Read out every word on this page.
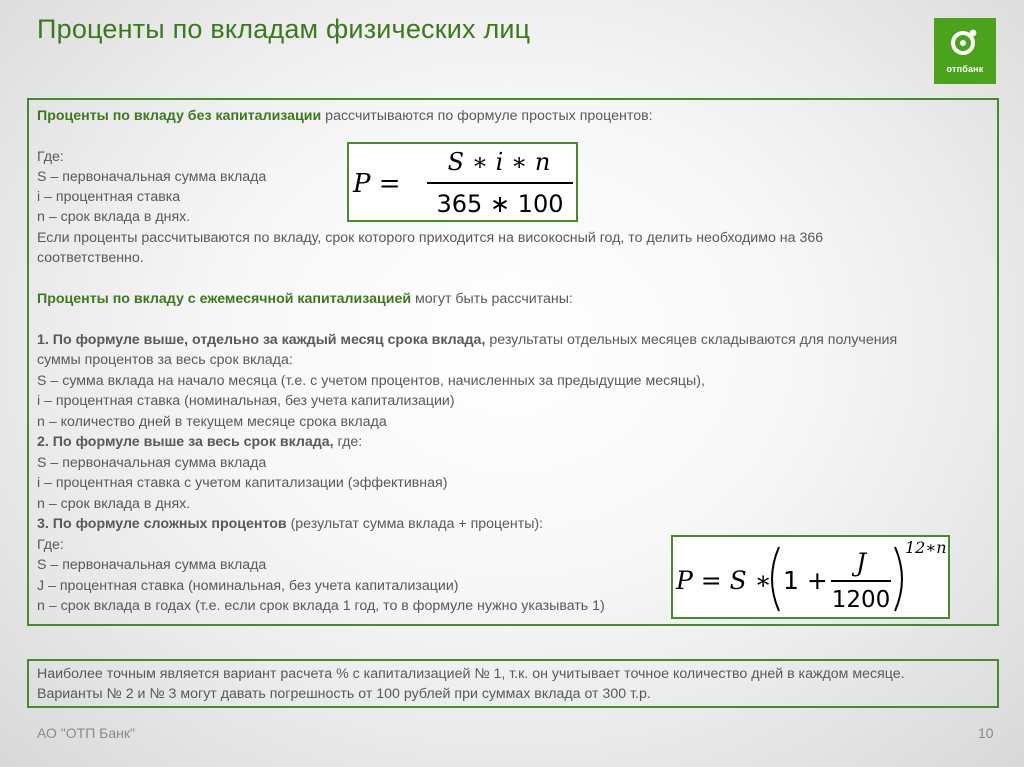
Проценты по вкладам физических лиц
отпбанк
Проценты по вкладу без капитализации рассчитываются по формуле простых процентов:
Где:
S – первоначальная сумма вклада
i – процентная ставка
n – срок вклада в днях.
Если проценты рассчитываются по вкладу, срок которого приходится на високосный год, то делить необходимо на 366
соответственно.
P =
S ∗ i ∗ n
365 ∗ 100
Проценты по вкладу с ежемесячной капитализацией могут быть рассчитаны:
1. По формуле выше, отдельно за каждый месяц срока вклада, результаты отдельных месяцев складываются для получения
суммы процентов за весь срок вклада:
S – сумма вклада на начало месяца (т.е. с учетом процентов, начисленных за предыдущие месяцы),
i – процентная ставка (номинальная, без учета капитализации)
n – количество дней в текущем месяце срока вклада
2. По формуле выше за весь срок вклада, где:
S – первоначальная сумма вклада
i – процентная ставка с учетом капитализации (эффективная)
n – срок вклада в днях.
3. По формуле сложных процентов (результат сумма вклада + проценты):
Где:
S – первоначальная сумма вклада
J – процентная ставка (номинальная, без учета капитализации)
n – срок вклада в годах (т.е. если срок вклада 1 год, то в формуле нужно указывать 1)
P = S ∗ 1 +
J
1200
12∗n
Наиболее точным является вариант расчета % с капитализацией № 1, т.к. он учитывает точное количество дней в каждом месяце.
Варианты № 2 и № 3 могут давать погрешность от 100 рублей при суммах вклада от 300 т.р.
АО "ОТП Банк"	10
